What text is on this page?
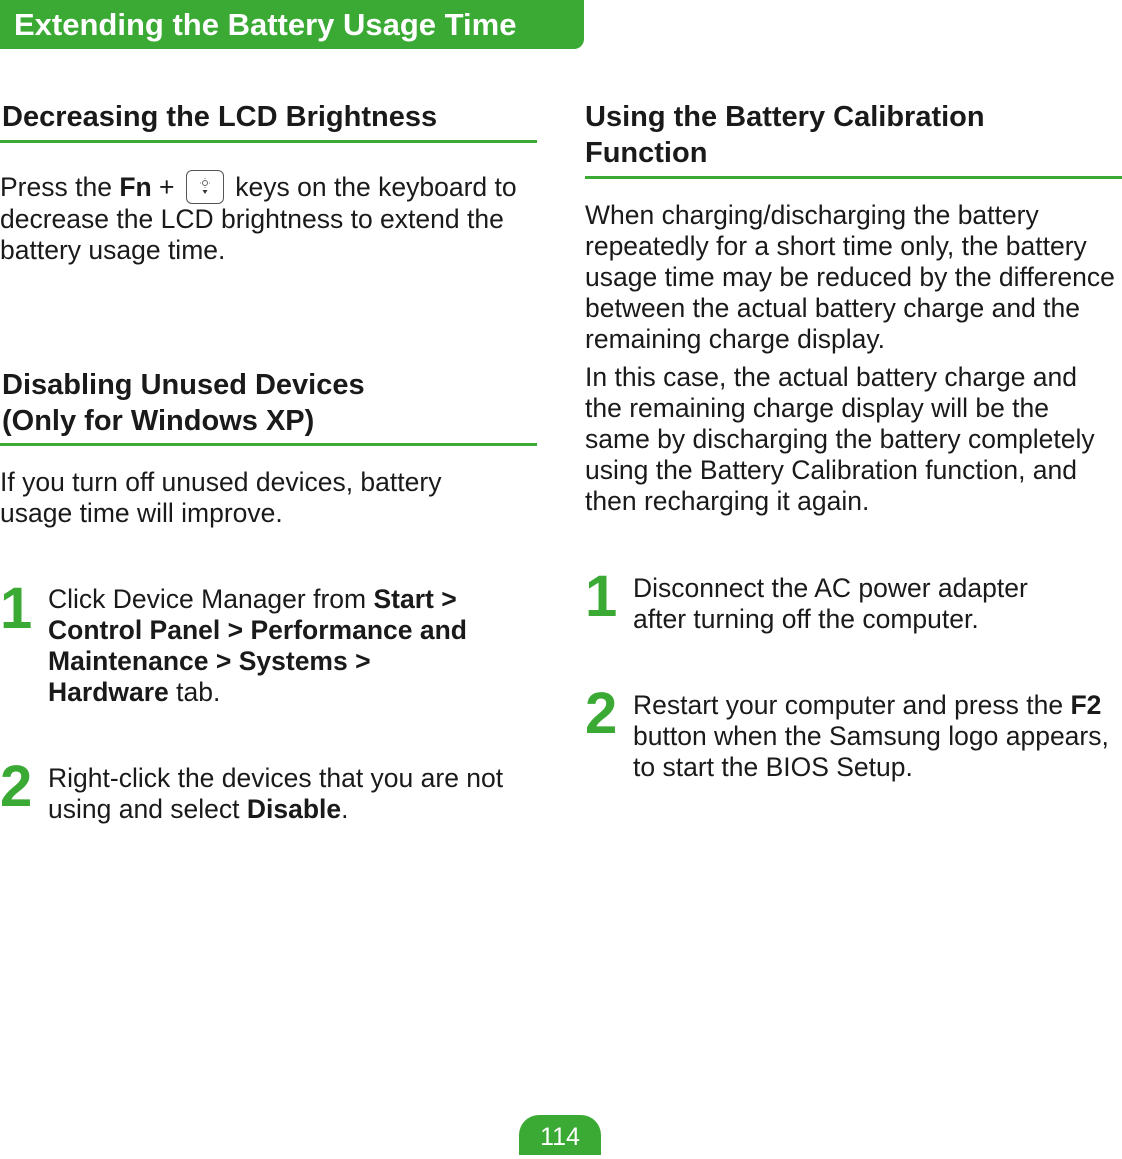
Extending the Battery Usage Time
Decreasing the LCD Brightness
Press the Fn +
keys on the keyboard to decrease the LCD brightness to extend the battery usage time.
Disabling Unused Devices
(Only for Windows XP)
If you turn off unused devices, battery usage time will improve.
1 Click Device Manager from Start > Control Panel > Performance and Maintenance > Systems > Hardware tab.
2 Right-click the devices that you are not using and select Disable.
Using the Battery Calibration
Function
When charging/discharging the battery repeatedly for a short time only, the battery usage time may be reduced by the difference between the actual battery charge and the remaining charge display.
In this case, the actual battery charge and the remaining charge display will be the same by discharging the battery completely using the Battery Calibration function, and then recharging it again.
1 Disconnect the AC power adapter after turning off the computer.
2 Restart your computer and press the F2 button when the Samsung logo appears, to start the BIOS Setup.
114
